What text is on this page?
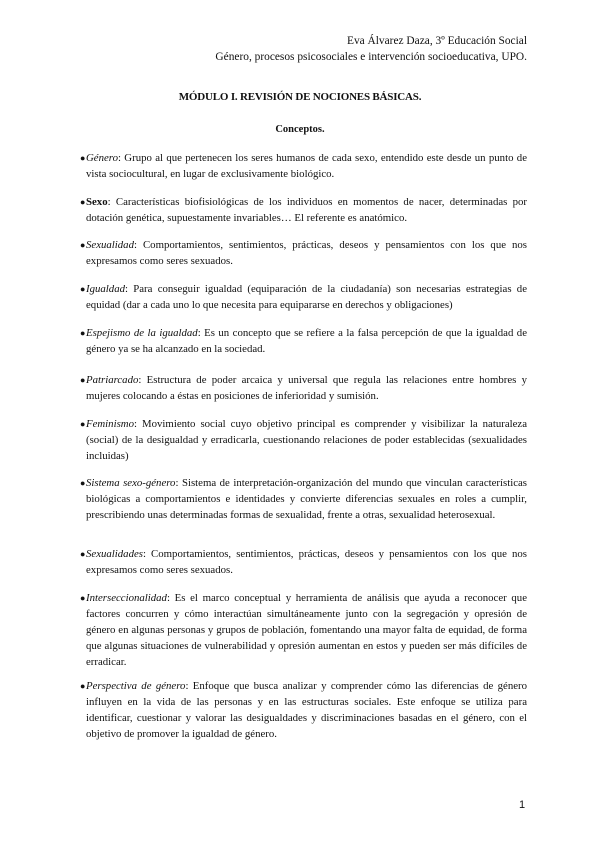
Eva Álvarez Daza, 3º Educación Social
Género, procesos psicosociales e intervención socioeducativa, UPO.
MÓDULO I. REVISIÓN DE NOCIONES BÁSICAS.
Conceptos.
● Género: Grupo al que pertenecen los seres humanos de cada sexo, entendido este desde un punto de vista sociocultural, en lugar de exclusivamente biológico.
● Sexo: Características biofisiológicas de los individuos en momentos de nacer, determinadas por dotación genética, supuestamente invariables… El referente es anatómico.
● Sexualidad: Comportamientos, sentimientos, prácticas, deseos y pensamientos con los que nos expresamos como seres sexuados.
● Igualdad: Para conseguir igualdad (equiparación de la ciudadanía) son necesarias estrategias de equidad (dar a cada uno lo que necesita para equipararse en derechos y obligaciones)
● Espejismo de la igualdad: Es un concepto que se refiere a la falsa percepción de que la igualdad de género ya se ha alcanzado en la sociedad.
● Patriarcado: Estructura de poder arcaica y universal que regula las relaciones entre hombres y mujeres colocando a éstas en posiciones de inferioridad y sumisión.
● Feminismo: Movimiento social cuyo objetivo principal es comprender y visibilizar la naturaleza (social) de la desigualdad y erradicarla, cuestionando relaciones de poder establecidas (sexualidades incluidas)
● Sistema sexo-género: Sistema de interpretación-organización del mundo que vinculan características biológicas a comportamientos e identidades y convierte diferencias sexuales en roles a cumplir, prescribiendo unas determinadas formas de sexualidad, frente a otras, sexualidad heterosexual.
● Sexualidades: Comportamientos, sentimientos, prácticas, deseos y pensamientos con los que nos expresamos como seres sexuados.
● Interseccionalidad: Es el marco conceptual y herramienta de análisis que ayuda a reconocer que factores concurren y cómo interactúan simultáneamente junto con la segregación y opresión de género en algunas personas y grupos de población, fomentando una mayor falta de equidad, de forma que algunas situaciones de vulnerabilidad y opresión aumentan en estos y pueden ser más difíciles de erradicar.
● Perspectiva de género: Enfoque que busca analizar y comprender cómo las diferencias de género influyen en la vida de las personas y en las estructuras sociales. Este enfoque se utiliza para identificar, cuestionar y valorar las desigualdades y discriminaciones basadas en el género, con el objetivo de promover la igualdad de género.
1
